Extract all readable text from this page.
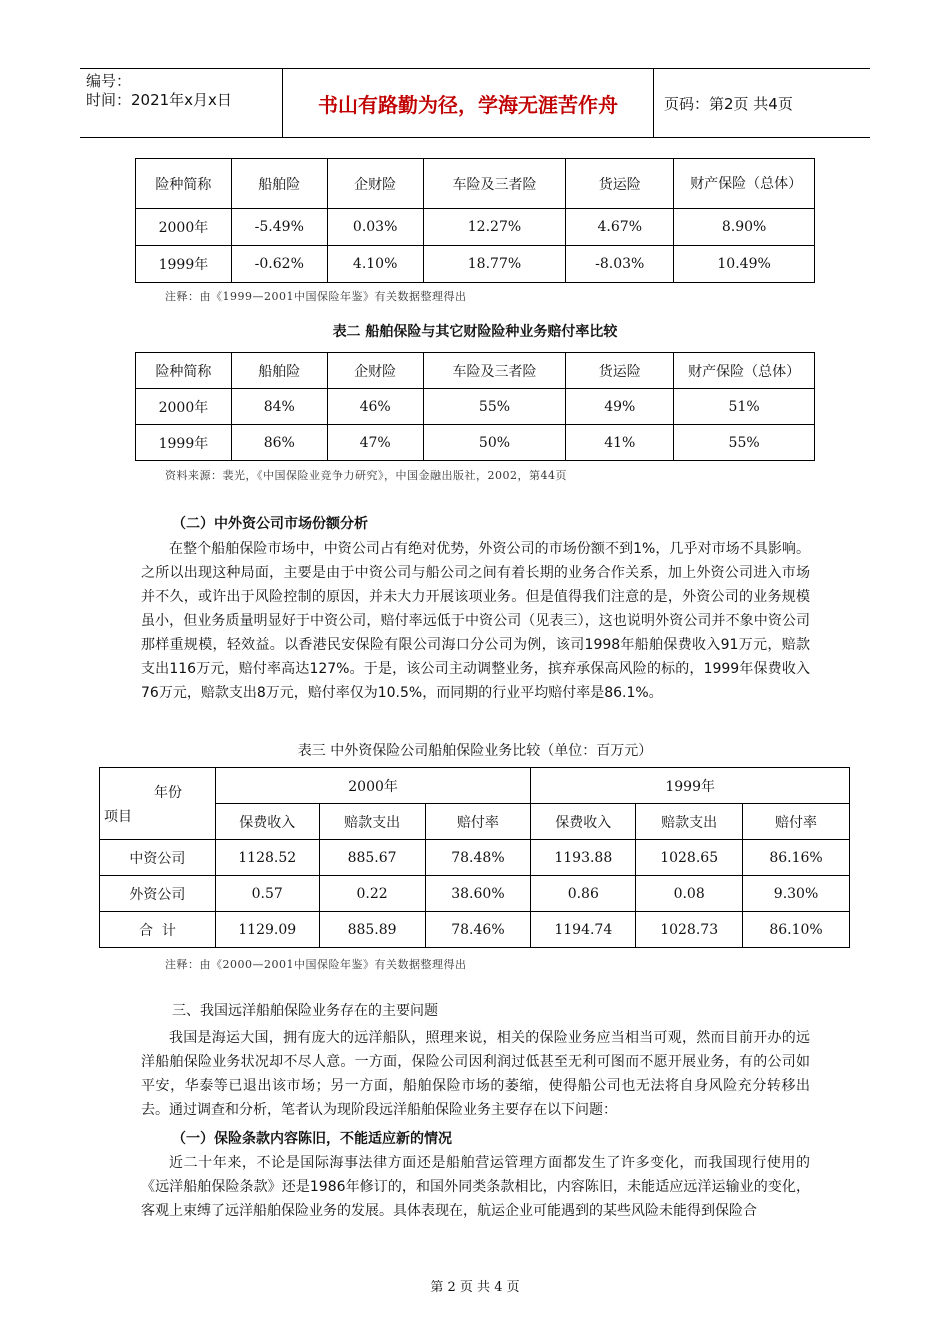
编号：
时间：2021年x月x日	书山有路勤为径，学海无涯苦作舟	页码：第2页 共4页
险种简称	船舶险	企财险	车险及三者险	货运险	财产保险（总体）
2000年	-5.49%	0.03%	12.27%	4.67%	8.90%
1999年	-0.62%	4.10%	18.77%	-8.03%	10.49%
注释：由《1999—2001中国保险年鉴》有关数据整理得出
表二 船舶保险与其它财险险种业务赔付率比较
险种简称	船舶险	企财险	车险及三者险	货运险	财产保险（总体）
2000年	84%	46%	55%	49%	51%
1999年	86%	47%	50%	41%	55%
资料来源：裴光，《中国保险业竞争力研究》，中国金融出版社，2002，第44页
（二）中外资公司市场份额分析

在整个船舶保险市场中，中资公司占有绝对优势，外资公司的市场份额不到1%，几乎对市场不具影响。之所以出现这种局面，主要是由于中资公司与船公司之间有着长期的业务合作关系，加上外资公司进入市场并不久，或许出于风险控制的原因，并未大力开展该项业务。但是值得我们注意的是，外资公司的业务规模虽小，但业务质量明显好于中资公司，赔付率远低于中资公司（见表三），这也说明外资公司并不象中资公司那样重规模，轻效益。以香港民安保险有限公司海口分公司为例，该司1998年船舶保费收入91万元，赔款支出116万元，赔付率高达127%。于是，该公司主动调整业务，摈弃承保高风险的标的，1999年保费收入76万元，赔款支出8万元，赔付率仅为10.5%，而同期的行业平均赔付率是86.1%。

表三 中外资保险公司船舶保险业务比较（单位：百万元）
年份
项目	2000年			1999年		
	保费收入	赔款支出	赔付率	保费收入	赔款支出	赔付率
中资公司	1128.52	885.67	78.48%	1193.88	1028.65	86.16%
外资公司	0.57	0.22	38.60%	0.86	0.08	9.30%
合  计	1129.09	885.89	78.46%	1194.74	1028.73	86.10%
注释：由《2000—2001中国保险年鉴》有关数据整理得出
三、我国远洋船舶保险业务存在的主要问题

我国是海运大国，拥有庞大的远洋船队，照理来说，相关的保险业务应当相当可观，然而目前开办的远洋船舶保险业务状况却不尽人意。一方面，保险公司因利润过低甚至无利可图而不愿开展业务，有的公司如平安，华泰等已退出该市场；另一方面，船舶保险市场的萎缩，使得船公司也无法将自身风险充分转移出去。通过调查和分析，笔者认为现阶段远洋船舶保险业务主要存在以下问题：

（一）保险条款内容陈旧，不能适应新的情况

近二十年来，不论是国际海事法律方面还是船舶营运管理方面都发生了许多变化，而我国现行使用的《远洋船舶保险条款》还是1986年修订的，和国外同类条款相比，内容陈旧，未能适应远洋运输业的变化，客观上束缚了远洋船舶保险业务的发展。具体表现在，航运企业可能遇到的某些风险未能得到保险合

第 2 页 共 4 页
